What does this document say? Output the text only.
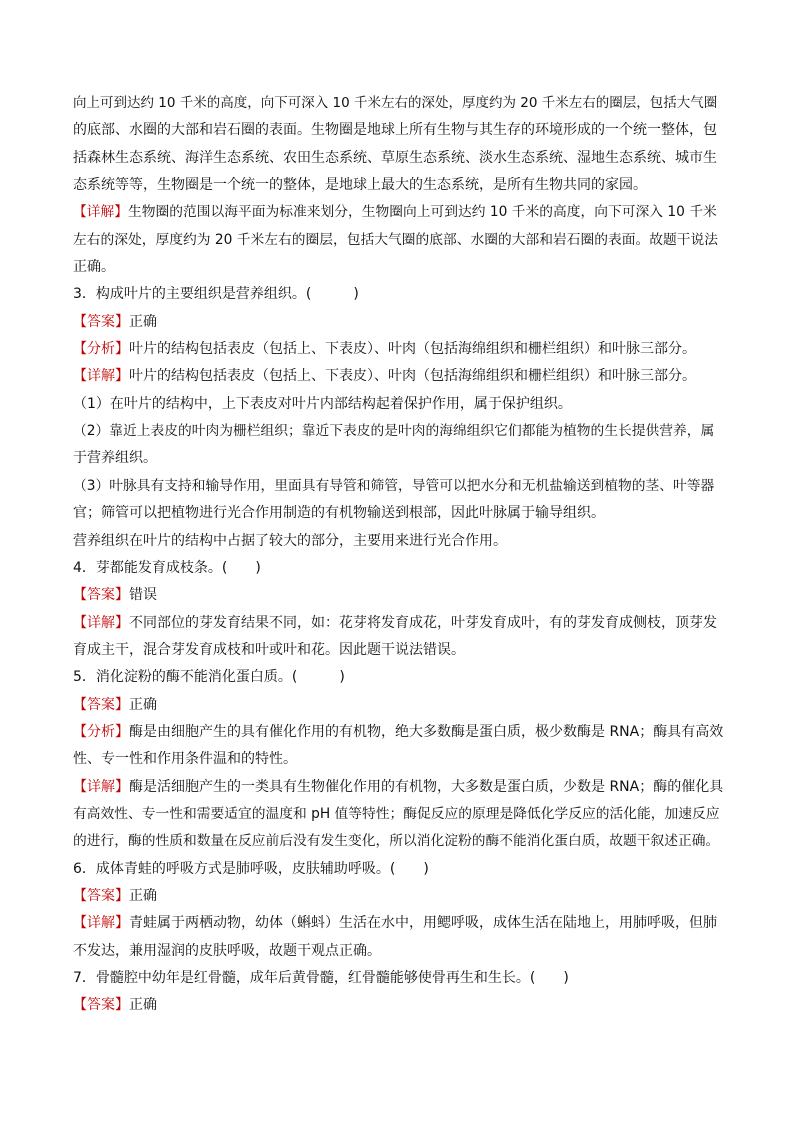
向上可到达约 10 千米的高度，向下可深入 10 千米左右的深处，厚度约为 20 千米左右的圈层，包括大气圈
的底部、水圈的大部和岩石圈的表面。生物圈是地球上所有生物与其生存的环境形成的一个统一整体，包
括森林生态系统、海洋生态系统、农田生态系统、草原生态系统、淡水生态系统、湿地生态系统、城市生
态系统等等，生物圈是一个统一的整体，是地球上最大的生态系统，是所有生物共同的家园。
【详解】生物圈的范围以海平面为标准来划分，生物圈向上可到达约 10 千米的高度，向下可深入 10 千米
左右的深处，厚度约为 20 千米左右的圈层，包括大气圈的底部、水圈的大部和岩石圈的表面。故题干说法
正确。
3．构成叶片的主要组织是营养组织。(　　　)
【答案】正确
【分析】叶片的结构包括表皮（包括上、下表皮）、叶肉（包括海绵组织和栅栏组织）和叶脉三部分。
【详解】叶片的结构包括表皮（包括上、下表皮）、叶肉（包括海绵组织和栅栏组织）和叶脉三部分。
（1）在叶片的结构中，上下表皮对叶片内部结构起着保护作用，属于保护组织。
（2）靠近上表皮的叶肉为栅栏组织；靠近下表皮的是叶肉的海绵组织它们都能为植物的生长提供营养，属
于营养组织。
（3）叶脉具有支持和输导作用，里面具有导管和筛管，导管可以把水分和无机盐输送到植物的茎、叶等器
官；筛管可以把植物进行光合作用制造的有机物输送到根部，因此叶脉属于输导组织。
营养组织在叶片的结构中占据了较大的部分，主要用来进行光合作用。
4．芽都能发育成枝条。(　　)
【答案】错误
【详解】不同部位的芽发育结果不同，如：花芽将发育成花，叶芽发育成叶，有的芽发育成侧枝，顶芽发
育成主干，混合芽发育成枝和叶或叶和花。因此题干说法错误。
5．消化淀粉的酶不能消化蛋白质。(　　　)
【答案】正确
【分析】酶是由细胞产生的具有催化作用的有机物，绝大多数酶是蛋白质，极少数酶是 RNA；酶具有高效
性、专一性和作用条件温和的特性。
【详解】酶是活细胞产生的一类具有生物催化作用的有机物，大多数是蛋白质，少数是 RNA；酶的催化具
有高效性、专一性和需要适宜的温度和 pH 值等特性；酶促反应的原理是降低化学反应的活化能，加速反应
的进行，酶的性质和数量在反应前后没有发生变化，所以消化淀粉的酶不能消化蛋白质，故题干叙述正确。
6．成体青蛙的呼吸方式是肺呼吸，皮肤辅助呼吸。(　　)
【答案】正确
【详解】青蛙属于两栖动物，幼体（蝌蚪）生活在水中，用鳃呼吸，成体生活在陆地上，用肺呼吸，但肺
不发达，兼用湿润的皮肤呼吸，故题干观点正确。
7．骨髓腔中幼年是红骨髓，成年后黄骨髓，红骨髓能够使骨再生和生长。(　　)
【答案】正确
